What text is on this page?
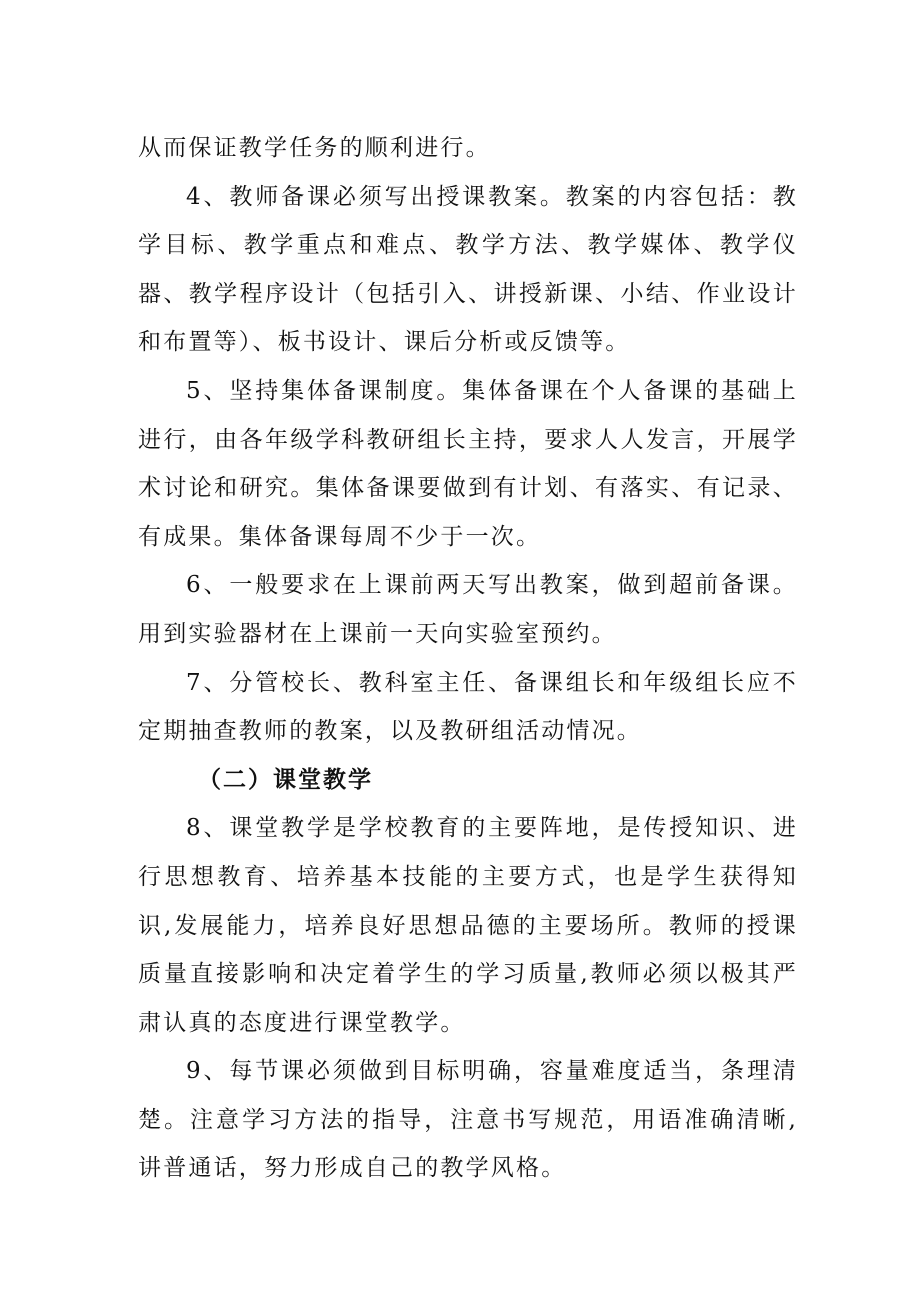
从而保证教学任务的顺利进行。

4、教师备课必须写出授课教案。教案的内容包括：教学目标、教学重点和难点、教学方法、教学媒体、教学仪器、教学程序设计（包括引入、讲授新课、小结、作业设计和布置等）、板书设计、课后分析或反馈等。

5、坚持集体备课制度。集体备课在个人备课的基础上进行，由各年级学科教研组长主持，要求人人发言，开展学术讨论和研究。集体备课要做到有计划、有落实、有记录、有成果。集体备课每周不少于一次。

6、一般要求在上课前两天写出教案，做到超前备课。用到实验器材在上课前一天向实验室预约。

7、分管校长、教科室主任、备课组长和年级组长应不定期抽查教师的教案，以及教研组活动情况。

（二）课堂教学

8、课堂教学是学校教育的主要阵地，是传授知识、进行思想教育、培养基本技能的主要方式，也是学生获得知识,发展能力，培养良好思想品德的主要场所。教师的授课质量直接影响和决定着学生的学习质量,教师必须以极其严肃认真的态度进行课堂教学。

9、每节课必须做到目标明确，容量难度适当，条理清楚。注意学习方法的指导，注意书写规范，用语准确清晰,讲普通话，努力形成自己的教学风格。
